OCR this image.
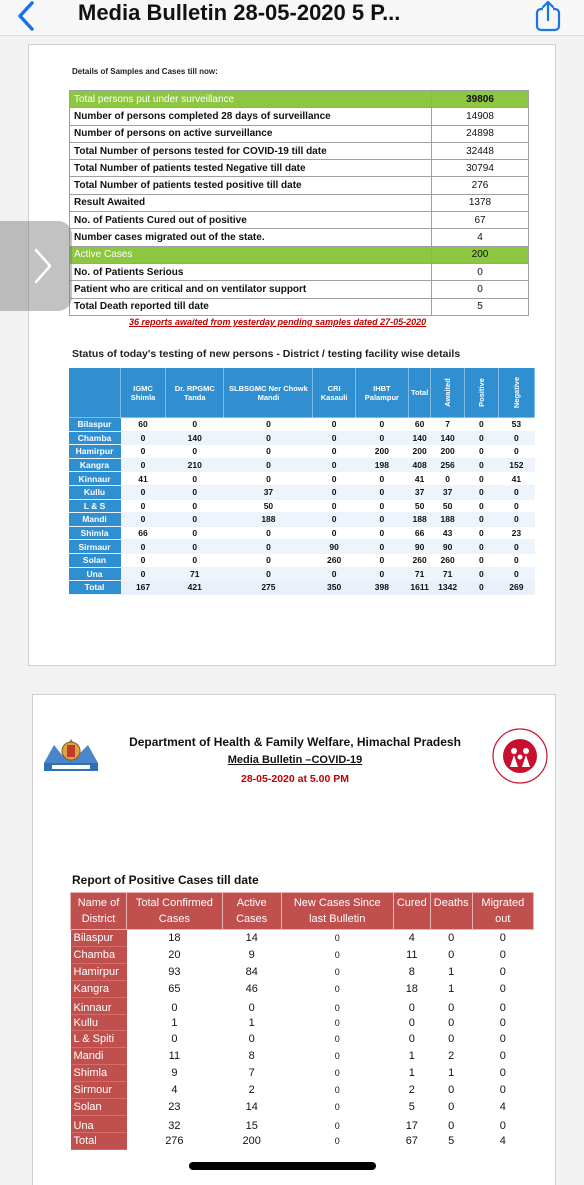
Media Bulletin 28-05-2020 5 P...
Details of Samples and Cases till now:
Total persons put under surveillance	39806
Number of persons completed 28 days of surveillance	14908
Number of persons on active surveillance	24898
Total Number of persons tested for COVID-19 till date	32448
Total Number of patients tested Negative till date	30794
Total Number of patients tested positive till date	276
Result Awaited	1378
No. of Patients Cured out of positive	67
Number cases migrated out of the state.	4
Active Cases	200
No. of Patients Serious	0
Patient who are critical and on ventilator support	0
Total Death reported till date	5
36 reports awaited from yesterday pending samples dated 27-05-2020
Status of today's testing of new persons - District / testing facility wise details
	IGMC Shimla	Dr. RPGMC Tanda	SLBSGMC Ner Chowk Mandi	CRI Kasauli	IHBT Palampur	Total	Awaited	Positive	Negative
Bilaspur	60	0	0	0	0	60	7	0	53
Chamba	0	140	0	0	0	140	140	0	0
Hamirpur	0	0	0	0	200	200	200	0	0
Kangra	0	210	0	0	198	408	256	0	152
Kinnaur	41	0	0	0	0	41	0	0	41
Kullu	0	0	37	0	0	37	37	0	0
L & S	0	0	50	0	0	50	50	0	0
Mandi	0	0	188	0	0	188	188	0	0
Shimla	66	0	0	0	0	66	43	0	23
Sirmaur	0	0	0	90	0	90	90	0	0
Solan	0	0	0	260	0	260	260	0	0
Una	0	71	0	0	0	71	71	0	0
Total	167	421	275	350	398	1611	1342	0	269
Department of Health & Family Welfare, Himachal Pradesh
Media Bulletin –COVID-19
28-05-2020 at 5.00 PM
Report of Positive Cases till date
Name of District	Total Confirmed Cases	Active Cases	New Cases Since last Bulletin	Cured	Deaths	Migrated out
Bilaspur	18	14	0	4	0	0
Chamba	20	9	0	11	0	0
Hamirpur	93	84	0	8	1	0
Kangra	65	46	0	18	1	0
Kinnaur	0	0	0	0	0	0
Kullu	1	1	0	0	0	0
L & Spiti	0	0	0	0	0	0
Mandi	11	8	0	1	2	0
Shimla	9	7	0	1	1	0
Sirmour	4	2	0	2	0	0
Solan	23	14	0	5	0	4
Una	32	15	0	17	0	0
Total	276	200	0	67	5	4
